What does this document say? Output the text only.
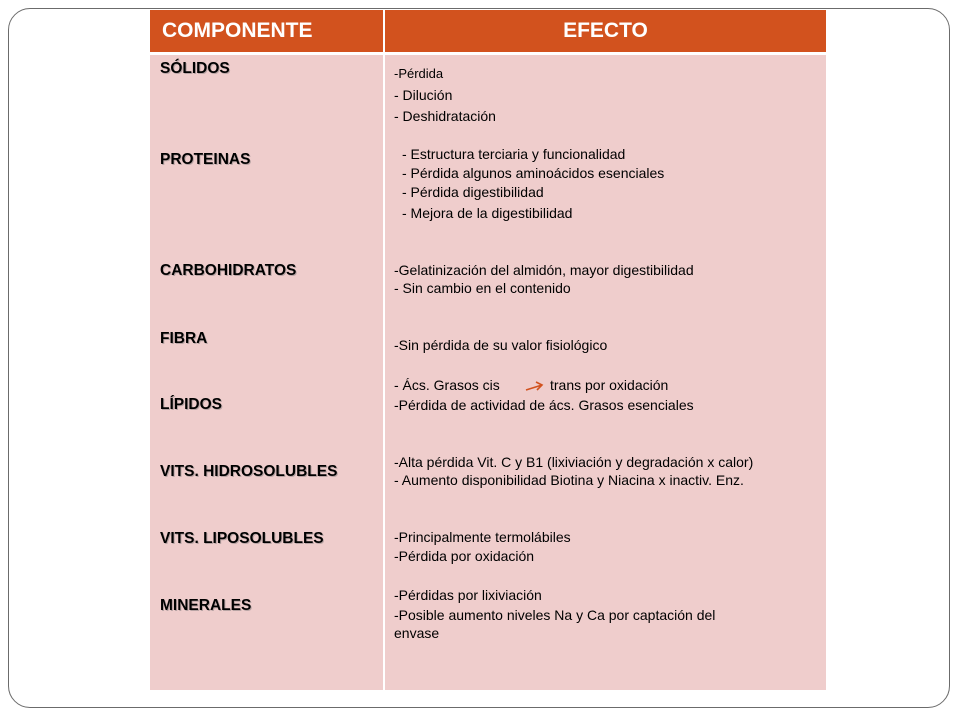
COMPONENTE	EFECTO
SÓLIDOS
PROTEINAS
CARBOHIDRATOS
FIBRA
LÍPIDOS
VITS. HIDROSOLUBLES
VITS. LIPOSOLUBLES
MINERALES
-Pérdida
- Dilución
- Deshidratación
- Estructura terciaria y funcionalidad
- Pérdida algunos aminoácidos esenciales
- Pérdida digestibilidad
- Mejora de la digestibilidad
-Gelatinización del almidón, mayor digestibilidad
- Sin cambio en el contenido
-Sin pérdida de su valor fisiológico
- Ács. Grasos cis	trans por oxidación
-Pérdida de actividad de ács. Grasos esenciales
-Alta pérdida Vit. C y B1 (lixiviación y degradación x calor)
- Aumento disponibilidad Biotina y Niacina x inactiv. Enz.
-Principalmente termolábiles
-Pérdida por oxidación
-Pérdidas por lixiviación
-Posible aumento niveles Na y Ca por captación del
envase
